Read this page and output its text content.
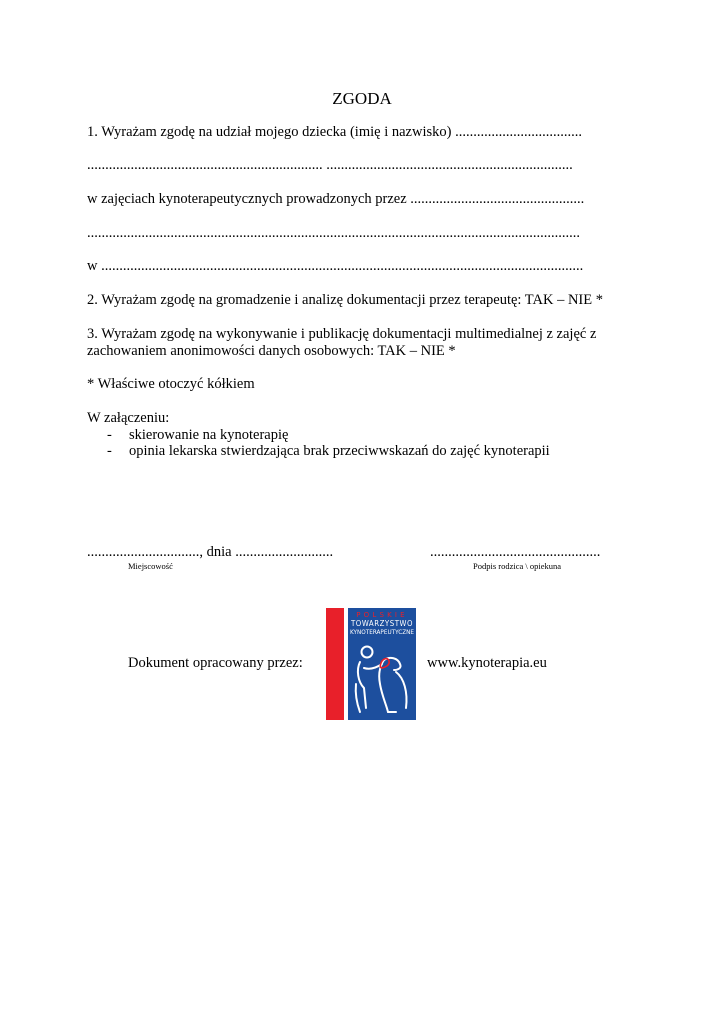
ZGODA
1. Wyrażam zgodę na udział mojego dziecka (imię i nazwisko) ...................................
................................................................. ....................................................................
w zajęciach kynoterapeutycznych prowadzonych przez ................................................
........................................................................................................................................
w .....................................................................................................................................
2. Wyrażam zgodę na gromadzenie i analizę dokumentacji przez terapeutę: TAK – NIE *
3. Wyrażam zgodę na wykonywanie i publikację dokumentacji multimedialnej z zajęć z
zachowaniem anonimowości danych osobowych: TAK – NIE *
* Właściwe otoczyć kółkiem
W załączeniu:
- skierowanie na kynoterapię
- opinia lekarska stwierdzająca brak przeciwwskazań do zajęć kynoterapii
..............................., dnia ...........................	...............................................
Miejscowość	Podpis rodzica \ opiekuna
Dokument opracowany przez:	www.kynoterapia.eu
POLSKIE
TOWARZYSTWO
KYNOTERAPEUTYCZNE
